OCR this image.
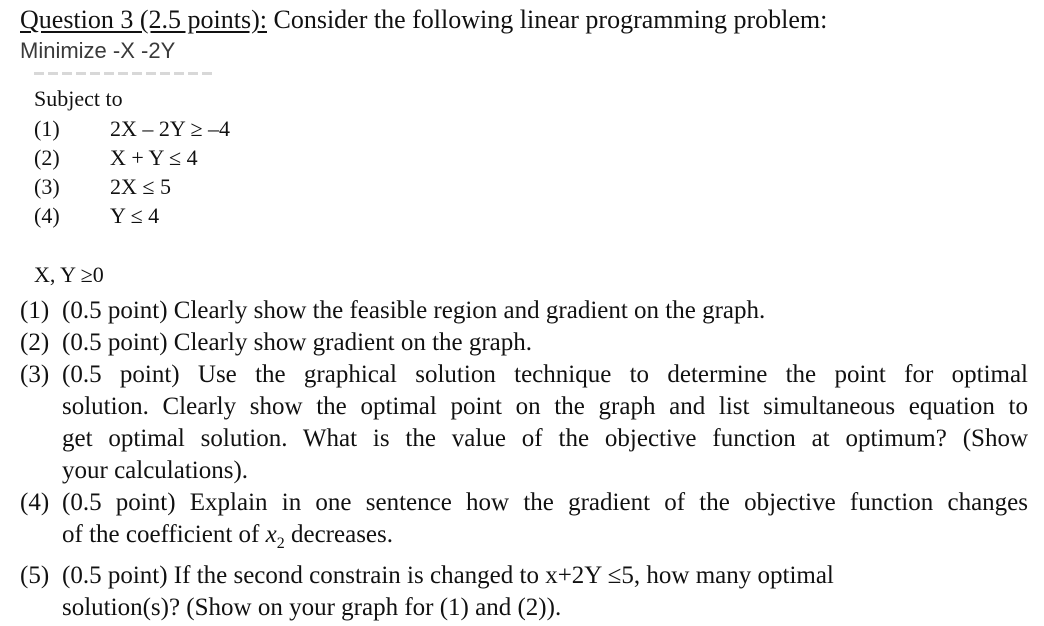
Question 3 (2.5 points): Consider the following linear programming problem:
Minimize -X -2Y
Subject to
(1)	2X – 2Y ≥ –4
(2)	X + Y ≤ 4
(3)	2X ≤ 5
(4)	Y ≤ 4
X, Y ≥0
(1) (0.5 point) Clearly show the feasible region and gradient on the graph.
(2) (0.5 point) Clearly show gradient on the graph.
(3) (0.5 point) Use the graphical solution technique to determine the point for optimal
solution. Clearly show the optimal point on the graph and list simultaneous equation to
get optimal solution. What is the value of the objective function at optimum? (Show
your calculations).
(4) (0.5 point) Explain in one sentence how the gradient of the objective function changes
of the coefficient of $x_2$ decreases.
(5) (0.5 point) If the second constrain is changed to x+2Y ≤5, how many optimal
solution(s)? (Show on your graph for (1) and (2)).
